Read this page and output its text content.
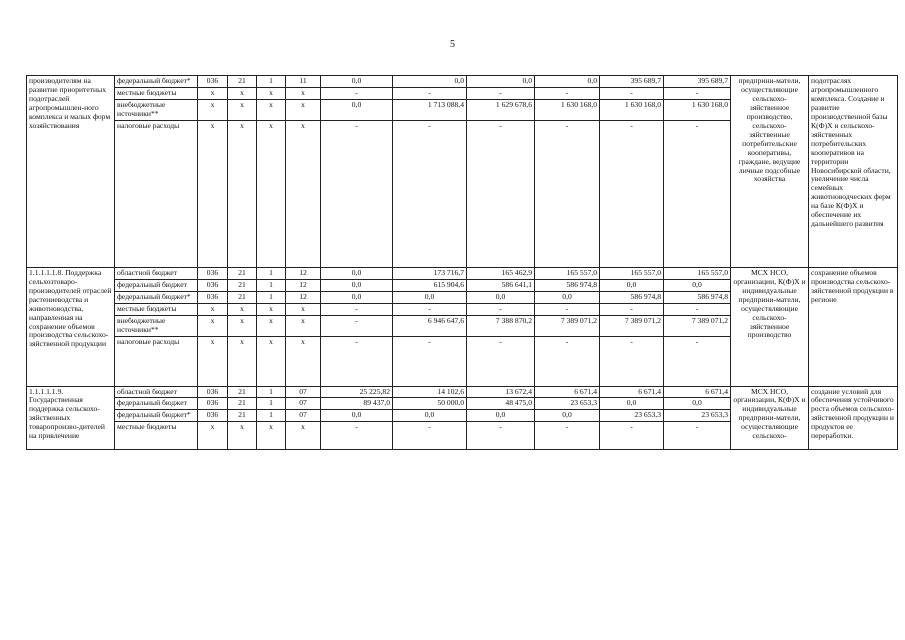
5
производителям на развитие приоритетных подотраслей агропромышлен-ного комплекса и малых форм хозяйствования	федеральный бюджет*	036	21	1	11	0,0	0,0	0,0	0,0	395 689,7	395 689,7	предприни-матели, осуществляющие сельскохо-зяйственное производство, сельскохо-зяйственные потребительские кооперативы, граждане, ведущие личные подсобные хозяйства	подотраслях агропромышленного комплекса. Создание и развитие производственной базы К(Ф)Х и сельскохо-зяйственных потребительских кооперативов на территории Новосибирской области, увеличение числа семейных животноводческих ферм на базе К(Ф)Х и обеспечение их дальнейшего развития
	местные бюджеты	x	x	x	x	-	-	-	-	-	-		
	внебюджетные источники**	x	x	x	x	0,0	1 713 088,4	1 629 678,6	1 630 168,0	1 630 168,0	1 630 168,0		
	налоговые расходы	x	x	x	x	-	-	-	-	-	-		
1.1.1.1.1.8. Поддержка сельхозтоваро-производителей отраслей растениеводства и животноводства, направленная на сохранение объемов производства сельскохо-зяйственной продукции	областной бюджет	036	21	1	12	0,0	173 716,7	165 462,9	165 557,0	165 557,0	165 557,0	МСХ НСО, организации, К(Ф)Х и индивидуальные предприни-матели, осуществляющие сельскохо-зяйственное производство	сохранение объемов производства сельскохо-зяйственной продукции в регионе
	федеральный бюджет	036	21	1	12	0,0	615 904,6	586 641,1	586 974,8	0,0	0,0		
	федеральный бюджет*	036	21	1	12	0,0	0,0	0,0	0,0	586 974,8	586 974,8		
	местные бюджеты	x	x	x	x	-	-	-	-	-	-		
	внебюджетные источники**	x	x	x	x	-	6 946 647,6	7 388 870,2	7 389 071,2	7 389 071,2	7 389 071,2		
	налоговые расходы	x	x	x	x	-	-	-	-	-	-		
1.1.1.1.1.9. Государственная поддержка сельскохо-зяйственных товаропроизво-дителей на привлечение	областной бюджет	036	21	1	07	25 225,82	14 102,6	13 672,4	6 671,4	6 671,4	6 671,4	МСХ НСО, организации, К(Ф)Х и индивидуальные предприни-матели, осуществляющие сельскохо-	создание условий для обеспечения устойчивого роста объемов сельскохо-зяйственной продукции и продуктов ее переработки.
	федеральный бюджет	036	21	1	07	89 437,0	50 000,0	48 475,0	23 653,3	0,0	0,0		
	федеральный бюджет*	036	21	1	07	0,0	0,0	0,0	0,0	23 653,3	23 653,3		
	местные бюджеты	x	x	x	x	-	-	-	-	-	-		
